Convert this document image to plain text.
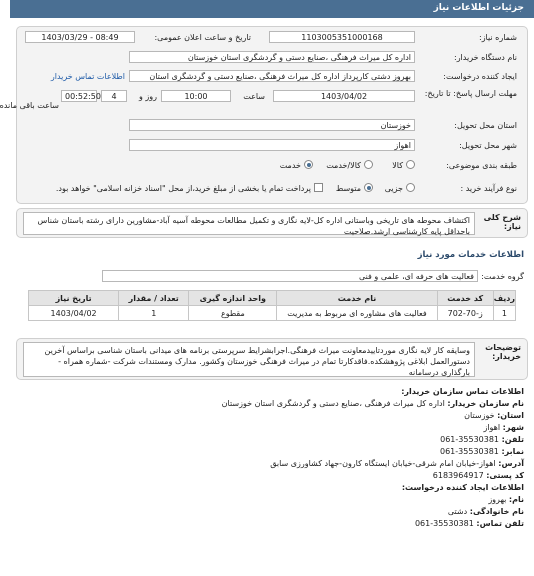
جزئیات اطلاعات نیاز
شماره نیاز:
1103005351000168
تاریخ و ساعت اعلان عمومی:
1403/03/29 - 08:49
نام دستگاه خریدار:
اداره کل میراث فرهنگی ،صنایع دستی و گردشگری استان خوزستان
ایجاد کننده درخواست:
بهروز دشتی کارپرداز اداره کل میراث فرهنگی ،صنایع دستی و گردشگری استان
اطلاعات تماس خریدار
مهلت ارسال پاسخ: تا تاریخ:
1403/04/02
ساعت
10:00
روز و
4
00:52:50
ساعت باقی مانده
استان محل تحویل:
خوزستان
شهر محل تحویل:
اهواز
طبقه بندی موضوعی:
کالا
کالا/خدمت
خدمت
نوع فرآیند خرید :
جزیی
متوسط
پرداخت تمام یا بخشی از مبلغ خرید،از محل "اسناد خزانه اسلامی" خواهد بود.
شرح کلی نیاز:
اکتشاف محوطه های تاریخی وباستانی اداره کل-لایه نگاری و تکمیل مطالعات محوطه آسیه آباد-مشاورین دارای رشته باستان شناس باحداقل پایه کارشناسی ارشد.صلاحیت
اطلاعات خدمات مورد نیاز
گروه خدمت:
فعالیت های حرفه ای، علمی و فنی
ردیف	کد خدمت	نام خدمت	واحد اندازه گیری	تعداد / مقدار	تاریخ نیاز
1	ز-70-702	فعالیت های مشاوره ای مربوط به مدیریت	مقطوع	1	1403/04/02
توضیحات خریدار:
وسایقه کار لایه نگاری موردتاییدمعاونت میراث فرهنگی.اجرابشرایط سرپرستی برنامه های میدانی باستان شناسی براساس آخرین دستورالعمل ابلاغی پژوهشکده.فاقدکارتا تمام در میراث فرهنگی خوزستان وکشور. مدارک ومستندات شرکت -شماره همراه - بارگذاری درسامانه
اطلاعات تماس سازمان خریدار:
نام سازمان خریدار: اداره کل میراث فرهنگی ،صنایع دستی و گردشگری استان خوزستان
استان: خوزستان
شهر: اهواز
تلفن: 35530381-061
نمابر: 35530381-061
آدرس: اهواز-خیابان امام شرقی-خیابان ایستگاه کارون-جهاد کشاورزی سابق
کد پستی: 6183964917
اطلاعات ایجاد کننده درخواست:
نام: بهروز
نام خانوادگی: دشتی
تلفن تماس: 35530381-061
